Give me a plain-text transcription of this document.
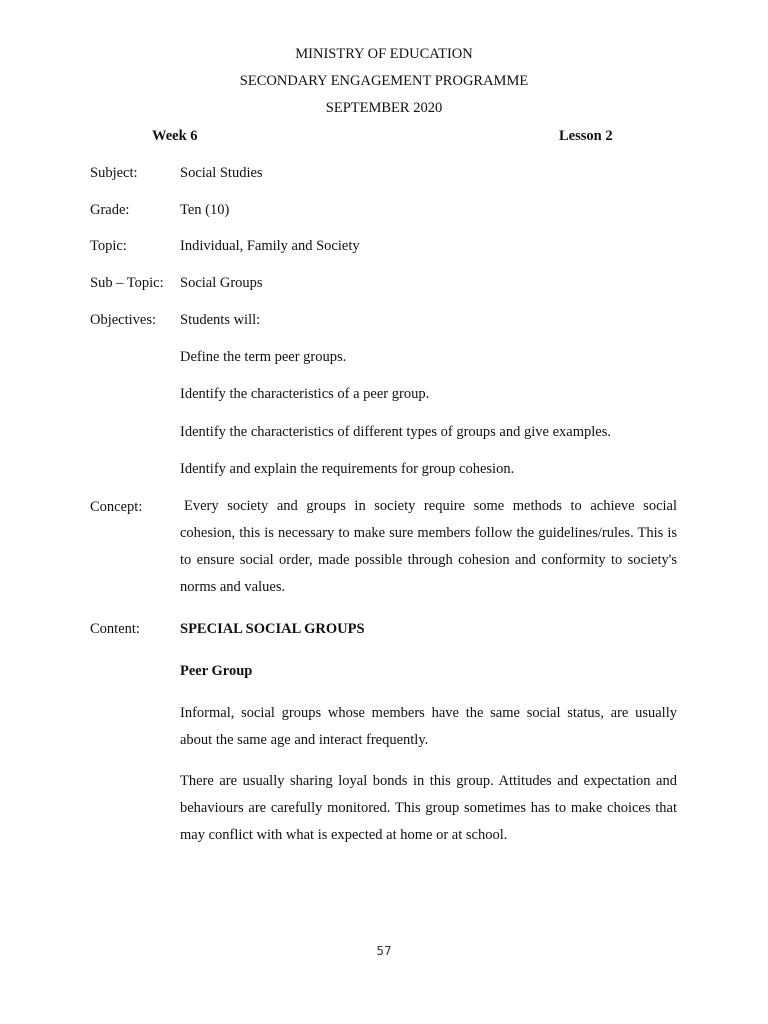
MINISTRY OF EDUCATION
SECONDARY ENGAGEMENT PROGRAMME
SEPTEMBER 2020
Week 6	Lesson 2
Subject:	Social Studies
Grade:	Ten (10)
Topic:	Individual, Family and Society
Sub – Topic: Social Groups
Objectives: Students will:
Define the term peer groups.
Identify the characteristics of a peer group.
Identify the characteristics of different types of groups and give examples.
Identify and explain the requirements for group cohesion.
Concept:	Every society and groups in society require some methods to achieve social cohesion, this is necessary to make sure members follow the guidelines/rules. This is to ensure social order, made possible through cohesion and conformity to society's norms and values.
Content:	SPECIAL SOCIAL GROUPS
Peer Group
Informal, social groups whose members have the same social status, are usually about the same age and interact frequently.
There are usually sharing loyal bonds in this group. Attitudes and expectation and behaviours are carefully monitored. This group sometimes has to make choices that may conflict with what is expected at home or at school.
57
